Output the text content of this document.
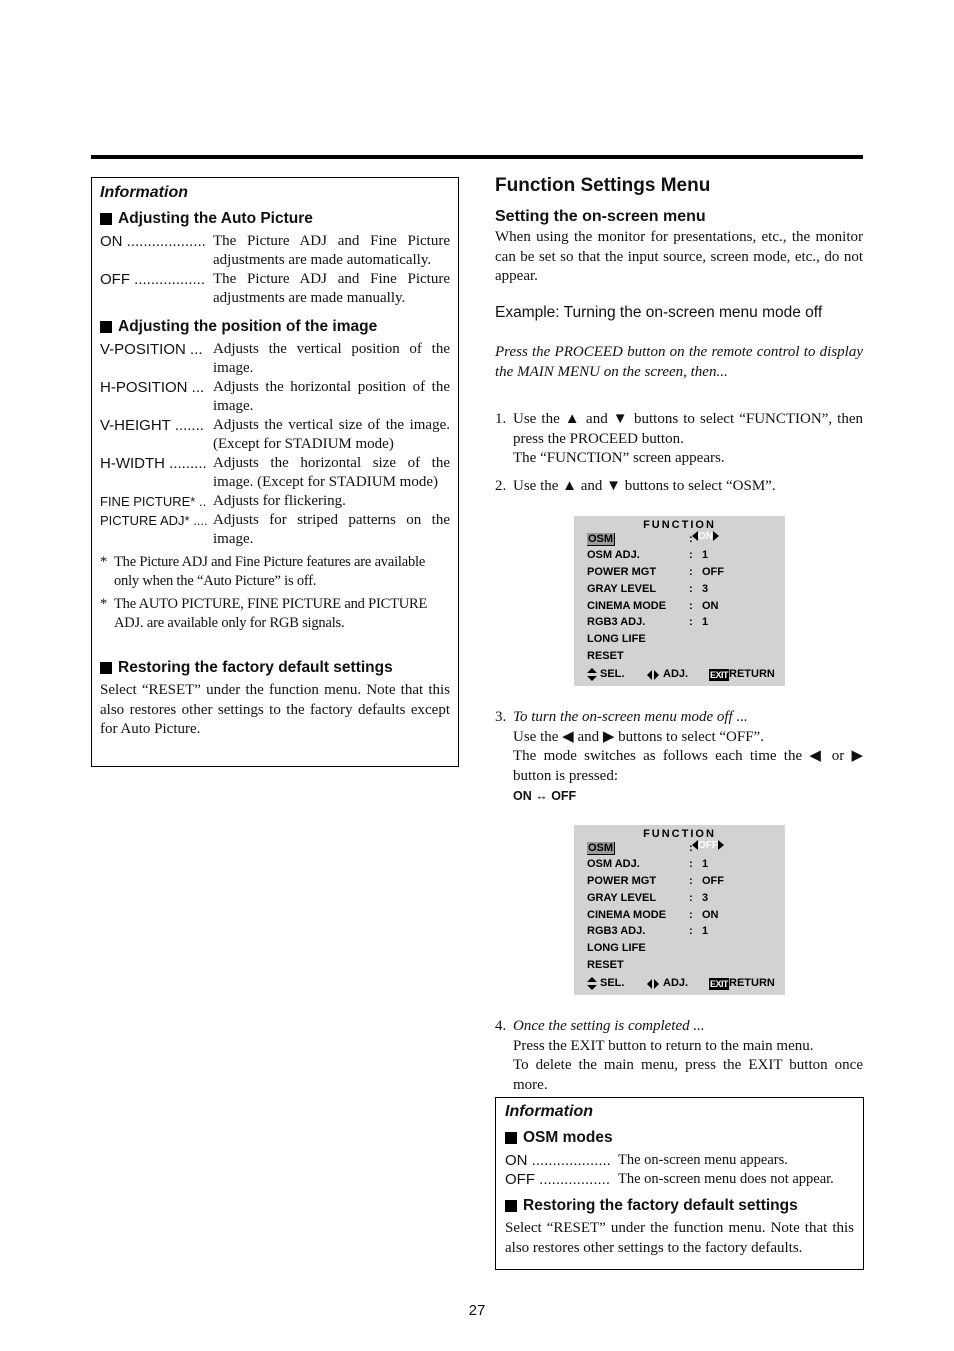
Information
Adjusting the Auto Picture
ON ................... The Picture ADJ and Fine Picture adjustments are made automatically.
OFF ................. The Picture ADJ and Fine Picture adjustments are made manually.
Adjusting the position of the image
V-POSITION ... Adjusts the vertical position of the image.
H-POSITION ... Adjusts the horizontal position of the image.
V-HEIGHT ....... Adjusts the vertical size of the image. (Except for STADIUM mode)
H-WIDTH ......... Adjusts the horizontal size of the image. (Except for STADIUM mode)
FINE PICTURE* .. Adjusts for flickering.
PICTURE ADJ* .... Adjusts for striped patterns on the image.
* The Picture ADJ and Fine Picture features are available only when the “Auto Picture” is off.
* The AUTO PICTURE, FINE PICTURE and PICTURE ADJ. are available only for RGB signals.
Restoring the factory default settings
Select “RESET” under the function menu. Note that this also restores other settings to the factory defaults except for Auto Picture.
Function Settings Menu
Setting the on-screen menu
When using the monitor for presentations, etc., the monitor can be set so that the input source, screen mode, etc., do not appear.
Example: Turning the on-screen menu mode off
Press the PROCEED button on the remote control to display the MAIN MENU on the screen, then...
1. Use the ▲ and ▼ buttons to select “FUNCTION”, then press the PROCEED button.
The “FUNCTION” screen appears.
2. Use the ▲ and ▼ buttons to select “OSM”.
FUNCTION
OSM	: ON
OSM ADJ.	: 1
POWER MGT	: OFF
GRAY LEVEL	: 3
CINEMA MODE : ON
RGB3 ADJ.	: 1
LONG LIFE
RESET
SEL.	ADJ. EXIT RETURN
3. To turn the on-screen menu mode off ...
Use the ◀ and ▶ buttons to select “OFF”.
The mode switches as follows each time the ◀ or ▶ button is pressed:
ON ↔ OFF
FUNCTION
OSM	: OFF
OSM ADJ.	: 1
POWER MGT	: OFF
GRAY LEVEL	: 3
CINEMA MODE : ON
RGB3 ADJ.	: 1
LONG LIFE
RESET
SEL.	ADJ. EXIT RETURN
4. Once the setting is completed ...
Press the EXIT button to return to the main menu.
To delete the main menu, press the EXIT button once more.
Information
OSM modes
ON ................... The on-screen menu appears.
OFF ................. The on-screen menu does not appear.
Restoring the factory default settings
Select “RESET” under the function menu. Note that this also restores other settings to the factory defaults.
27
